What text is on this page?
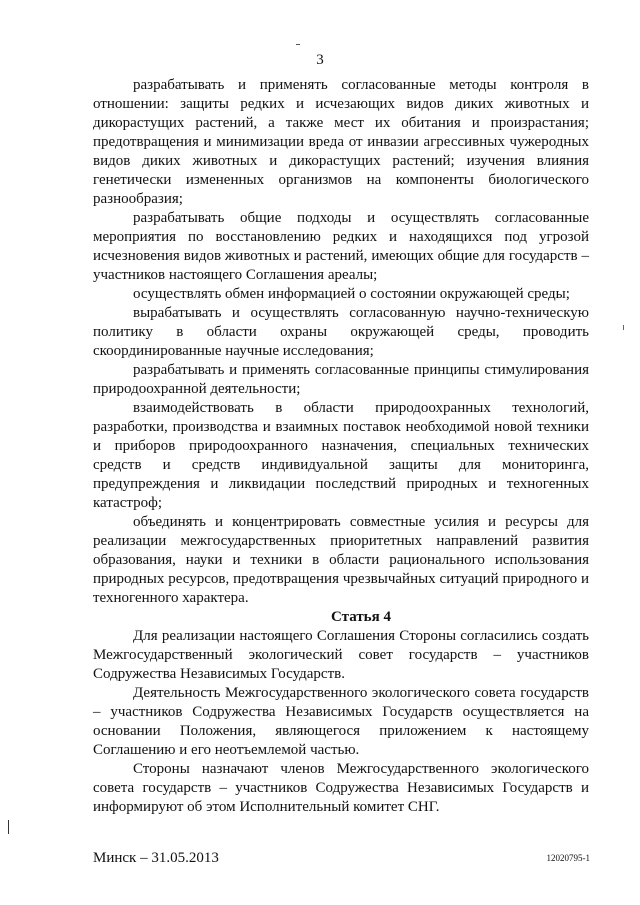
3

разрабатывать и применять согласованные методы контроля в отношении: защиты редких и исчезающих видов диких животных и дикорастущих растений, а также мест их обитания и произрастания; предотвращения и минимизации вреда от инвазии агрессивных чужеродных видов диких животных и дикорастущих растений; изучения влияния генетически измененных организмов на компоненты биологического разнообразия;

разрабатывать общие подходы и осуществлять согласованные мероприятия по восстановлению редких и находящихся под угрозой исчезновения видов животных и растений, имеющих общие для государств – участников настоящего Соглашения ареалы;

осуществлять обмен информацией о состоянии окружающей среды;

вырабатывать и осуществлять согласованную научно-техническую политику в области охраны окружающей среды, проводить скоординированные научные исследования;

разрабатывать и применять согласованные принципы стимулирования природоохранной деятельности;

взаимодействовать в области природоохранных технологий, разработки, производства и взаимных поставок необходимой новой техники и приборов природоохранного назначения, специальных технических средств и средств индивидуальной защиты для мониторинга, предупреждения и ликвидации последствий природных и техногенных катастроф;

объединять и концентрировать совместные усилия и ресурсы для реализации межгосударственных приоритетных направлений развития образования, науки и техники в области рационального использования природных ресурсов, предотвращения чрезвычайных ситуаций природного и техногенного характера.

Статья 4

Для реализации настоящего Соглашения Стороны согласились создать Межгосударственный экологический совет государств – участников Содружества Независимых Государств.

Деятельность Межгосударственного экологического совета государств – участников Содружества Независимых Государств осуществляется на основании Положения, являющегося приложением к настоящему Соглашению и его неотъемлемой частью.

Стороны назначают членов Межгосударственного экологического совета государств – участников Содружества Независимых Государств и информируют об этом Исполнительный комитет СНГ.

Минск – 31.05.2013	12020795-1
